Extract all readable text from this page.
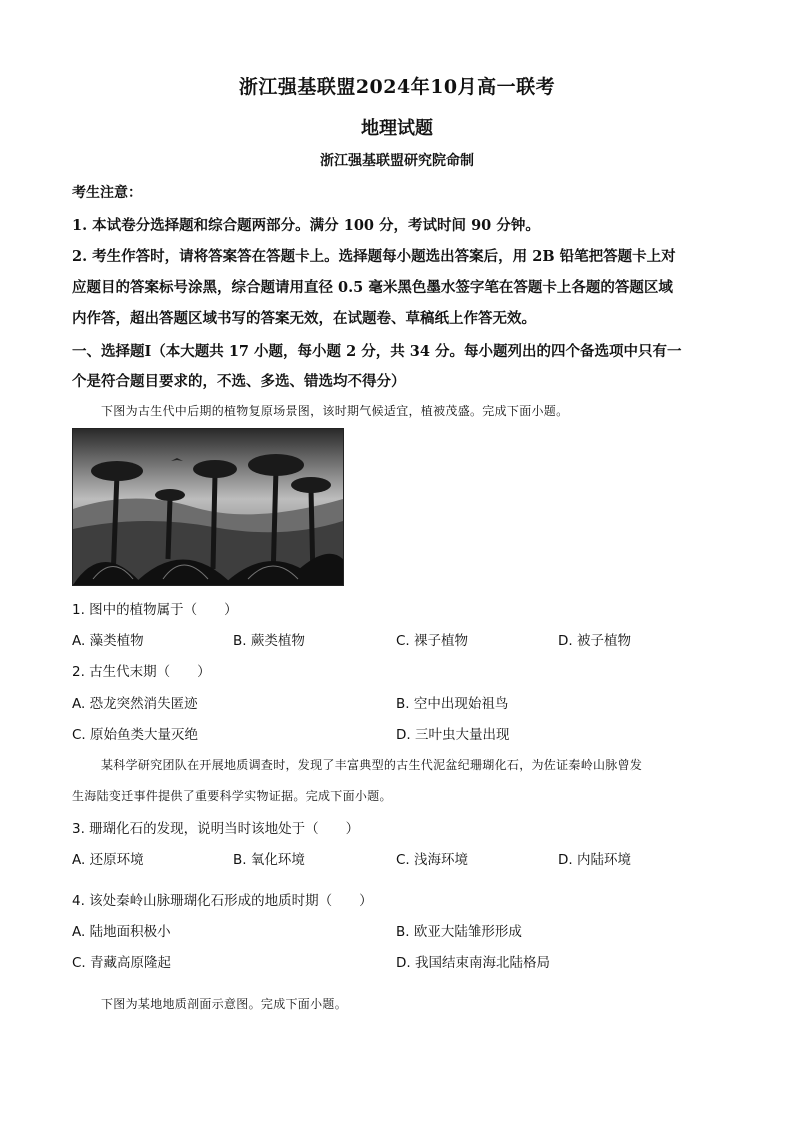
浙江强基联盟2024年10月高一联考
地理试题
浙江强基联盟研究院命制
考生注意：
1. 本试卷分选择题和综合题两部分。满分 100 分，考试时间 90 分钟。
2. 考生作答时，请将答案答在答题卡上。选择题每小题选出答案后，用 2B 铅笔把答题卡上对
应题目的答案标号涂黑，综合题请用直径 0.5 毫米黑色墨水签字笔在答题卡上各题的答题区域
内作答，超出答题区域书写的答案无效，在试题卷、草稿纸上作答无效。
一、选择题Ⅰ（本大题共 17 小题，每小题 2 分，共 34 分。每小题列出的四个备选项中只有一
个是符合题目要求的，不选、多选、错选均不得分）
下图为古生代中后期的植物复原场景图，该时期气候适宜，植被茂盛。完成下面小题。
1. 图中的植物属于（　　）
A. 藻类植物	B. 蕨类植物	C. 裸子植物	D. 被子植物
2. 古生代末期（　　）
A. 恐龙突然消失匿迹	B. 空中出现始祖鸟
C. 原始鱼类大量灭绝	D. 三叶虫大量出现
某科学研究团队在开展地质调查时，发现了丰富典型的古生代泥盆纪珊瑚化石，为佐证秦岭山脉曾发
生海陆变迁事件提供了重要科学实物证据。完成下面小题。
3. 珊瑚化石的发现，说明当时该地处于（　　）
A. 还原环境	B. 氧化环境	C. 浅海环境	D. 内陆环境
4. 该处秦岭山脉珊瑚化石形成的地质时期（　　）
A. 陆地面积极小	B. 欧亚大陆雏形形成
C. 青藏高原隆起	D. 我国结束南海北陆格局
下图为某地地质剖面示意图。完成下面小题。
